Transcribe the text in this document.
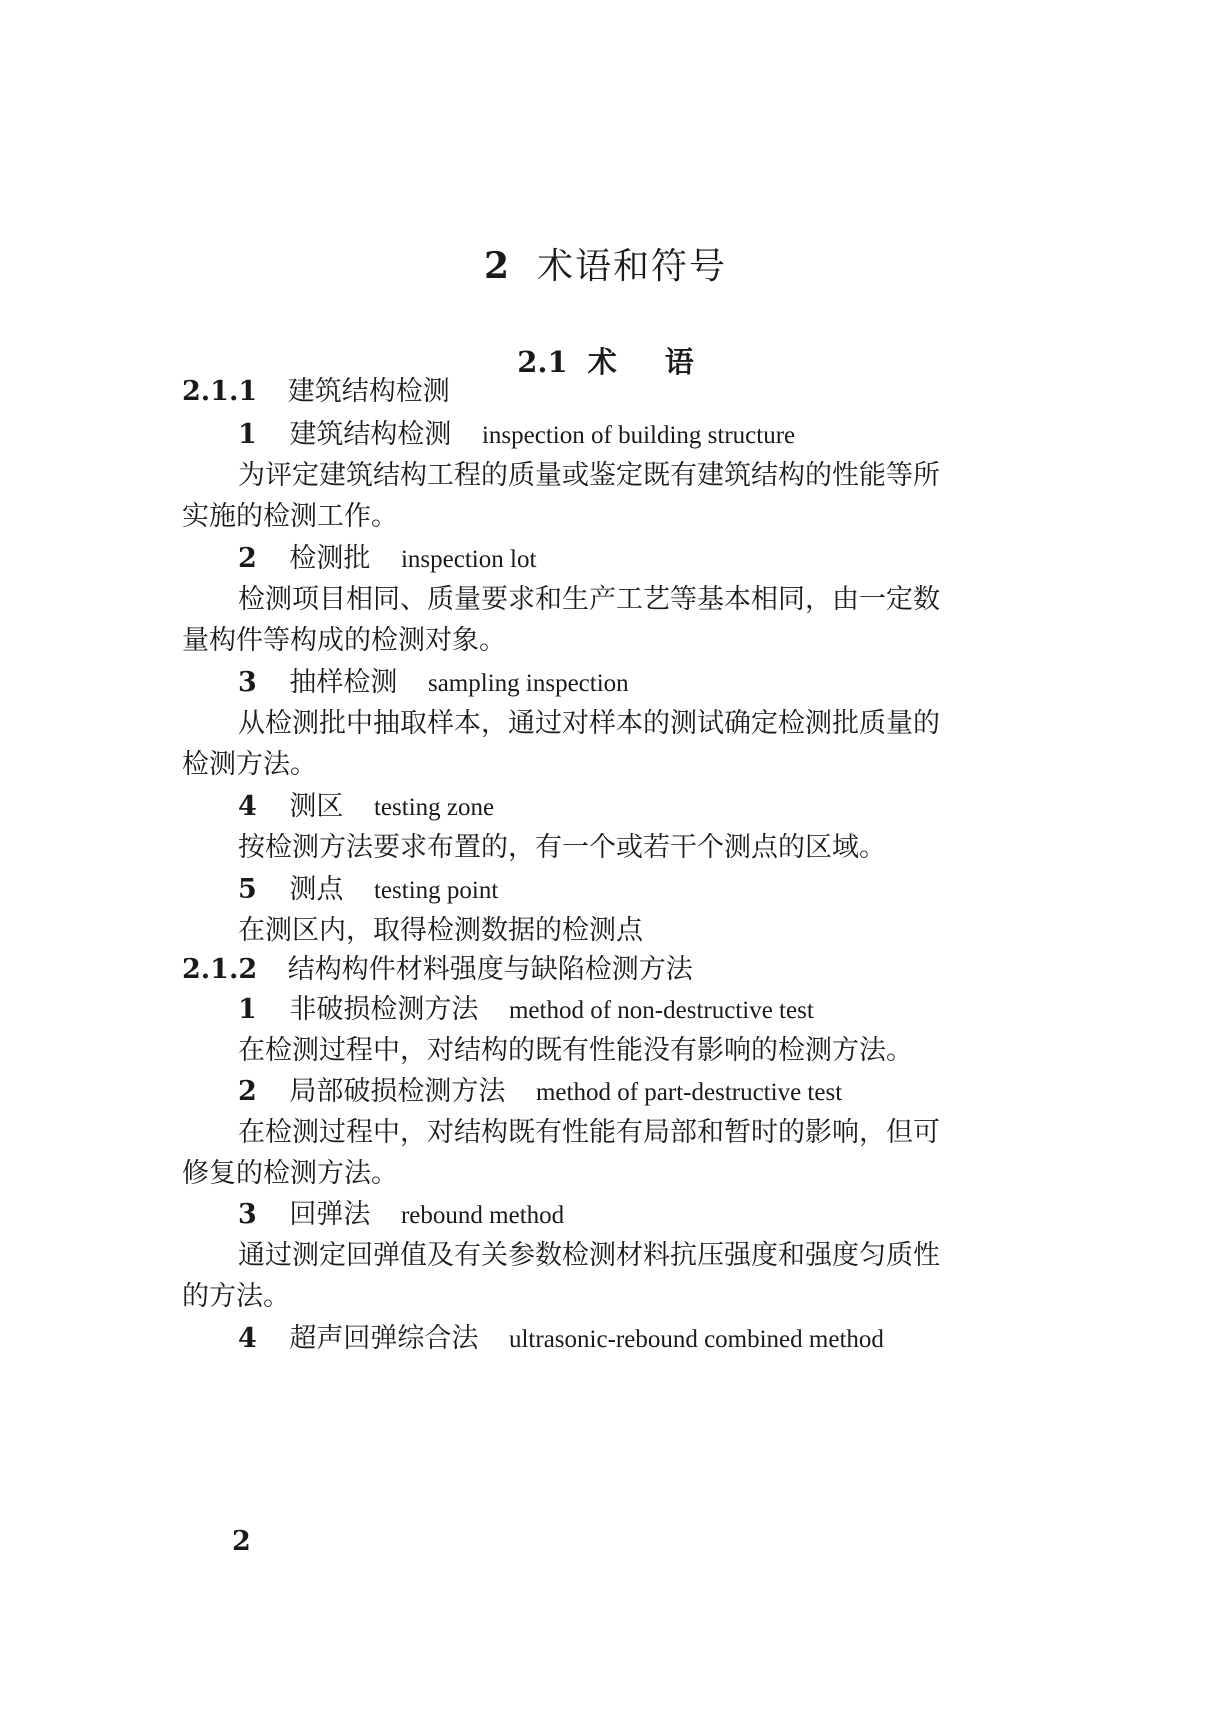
2 术语和符号
2.1 术 语
2.1.1 建筑结构检测
1 建筑结构检测 inspection of building structure
为评定建筑结构工程的质量或鉴定既有建筑结构的性能等所
实施的检测工作。
2 检测批 inspection lot
检测项目相同、质量要求和生产工艺等基本相同，由一定数
量构件等构成的检测对象。
3 抽样检测 sampling inspection
从检测批中抽取样本，通过对样本的测试确定检测批质量的
检测方法。
4 测区 testing zone
按检测方法要求布置的，有一个或若干个测点的区域。
5 测点 testing point
在测区内，取得检测数据的检测点
2.1.2 结构构件材料强度与缺陷检测方法
1 非破损检测方法 method of non-destructive test
在检测过程中，对结构的既有性能没有影响的检测方法。
2 局部破损检测方法 method of part-destructive test
在检测过程中，对结构既有性能有局部和暂时的影响，但可
修复的检测方法。
3 回弹法 rebound method
通过测定回弹值及有关参数检测材料抗压强度和强度匀质性
的方法。
4 超声回弹综合法 ultrasonic-rebound combined method
2
